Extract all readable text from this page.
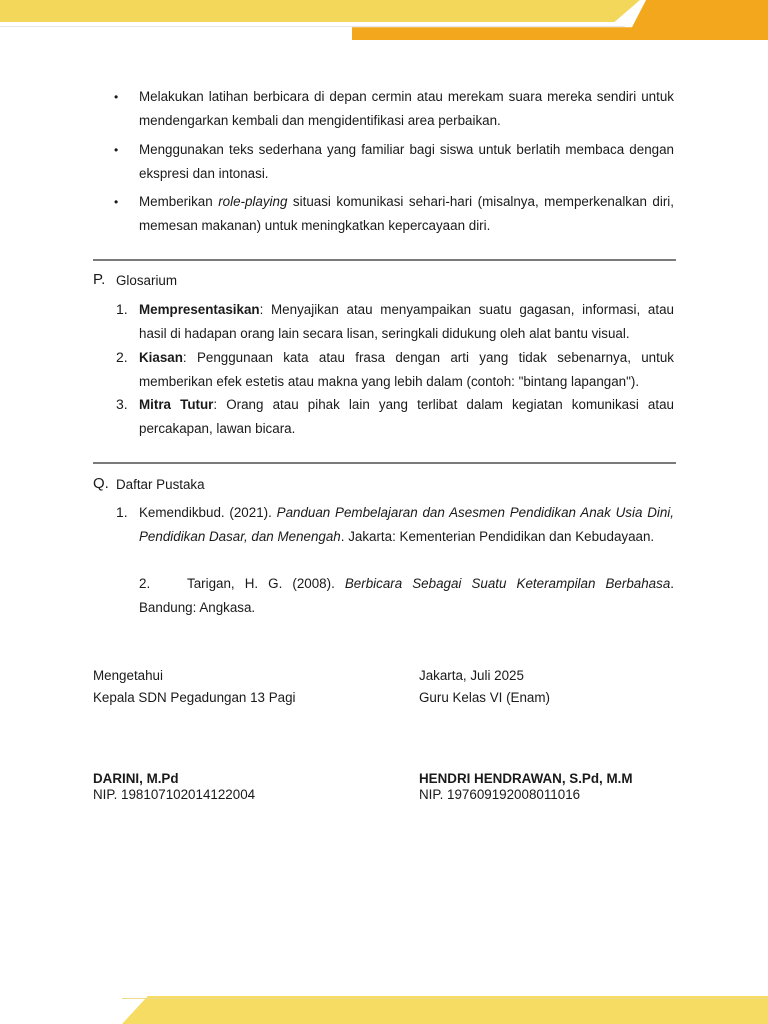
• Melakukan latihan berbicara di depan cermin atau merekam suara mereka sendiri untuk mendengarkan kembali dan mengidentifikasi area perbaikan.

• Menggunakan teks sederhana yang familiar bagi siswa untuk berlatih membaca dengan ekspresi dan intonasi.

• Memberikan role-playing situasi komunikasi sehari-hari (misalnya, memperkenalkan diri, memesan makanan) untuk meningkatkan kepercayaan diri.

P. Glosarium
1. Mempresentasikan: Menyajikan atau menyampaikan suatu gagasan, informasi, atau hasil di hadapan orang lain secara lisan, seringkali didukung oleh alat bantu visual.

2. Kiasan: Penggunaan kata atau frasa dengan arti yang tidak sebenarnya, untuk memberikan efek estetis atau makna yang lebih dalam (contoh: "bintang lapangan").

3. Mitra Tutur: Orang atau pihak lain yang terlibat dalam kegiatan komunikasi atau percakapan, lawan bicara.

Q. Daftar Pustaka
1. Kemendikbud. (2021). Panduan Pembelajaran dan Asesmen Pendidikan Anak Usia Dini, Pendidikan Dasar, dan Menengah. Jakarta: Kementerian Pendidikan dan Kebudayaan.

2.	Tarigan, H. G. (2008). Berbicara Sebagai Suatu Keterampilan Berbahasa. Bandung: Angkasa.

Mengetahui
Kepala SDN Pegadungan 13 Pagi
DARINI, M.Pd
NIP. 198107102014122004
Jakarta, Juli 2025
Guru Kelas VI (Enam)
HENDRI HENDRAWAN, S.Pd, M.M
NIP. 197609192008011016
